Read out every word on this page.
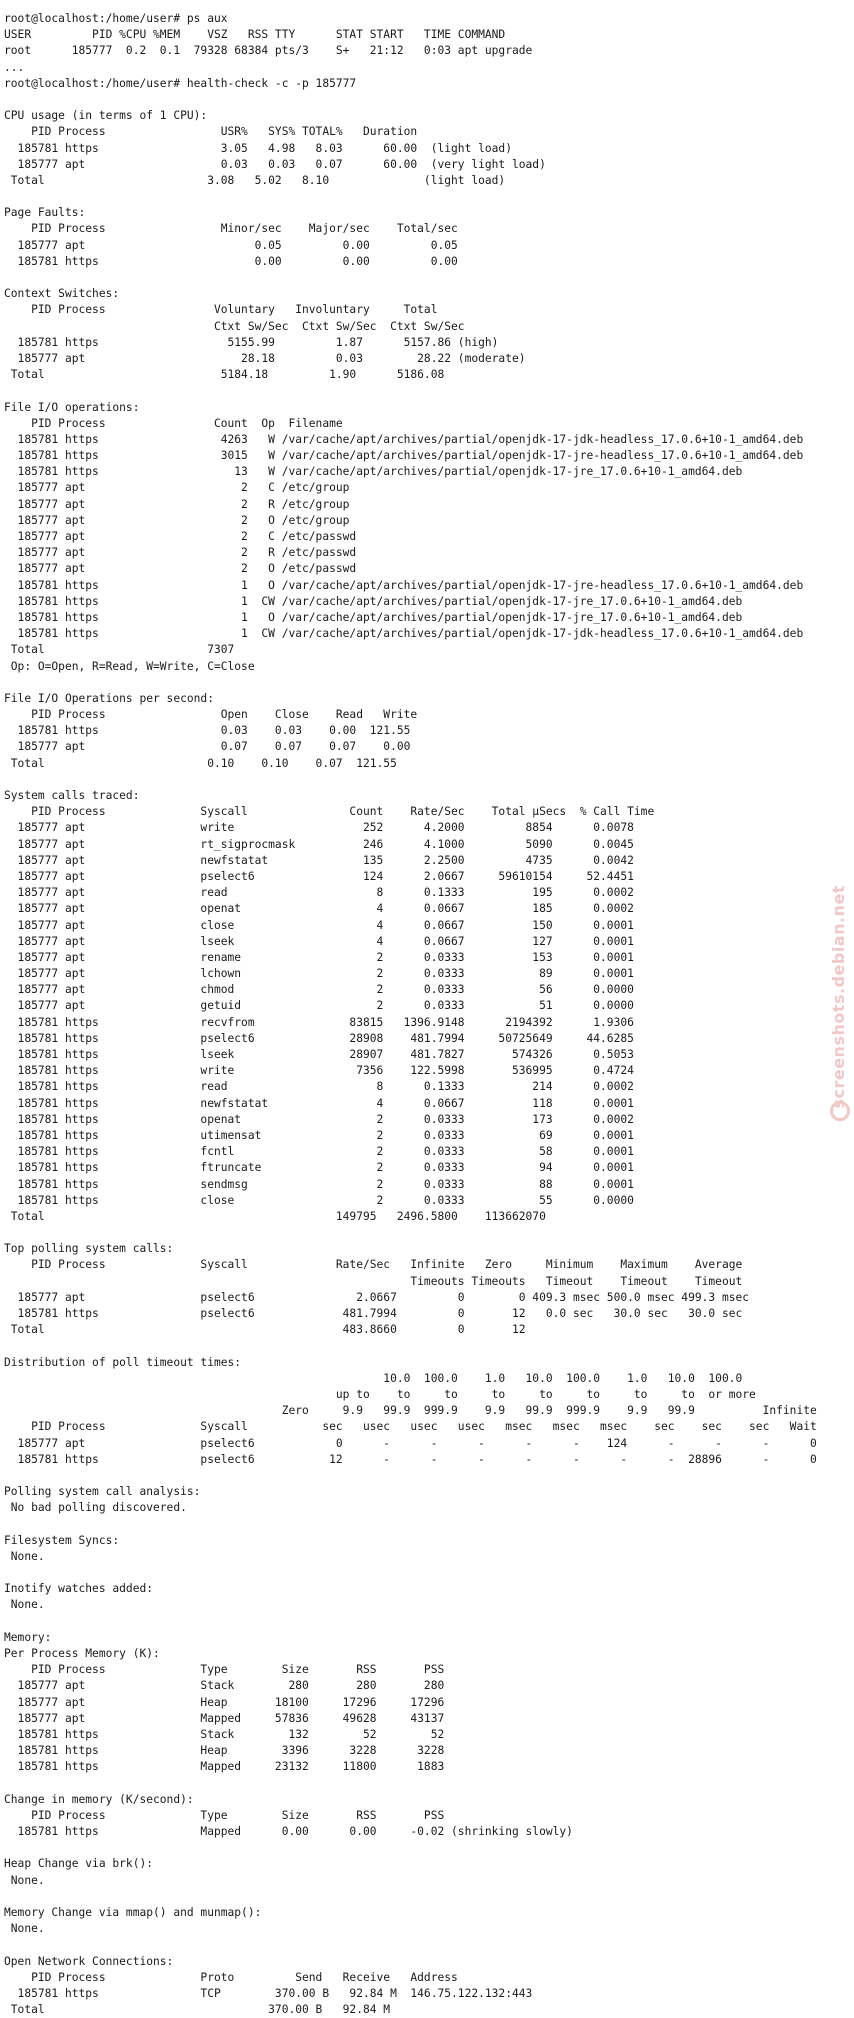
root@localhost:/home/user# ps aux
USER         PID %CPU %MEM    VSZ   RSS TTY      STAT START   TIME COMMAND
root      185777  0.2  0.1  79328 68384 pts/3    S+   21:12   0:03 apt upgrade
...
root@localhost:/home/user# health-check -c -p 185777
CPU usage (in terms of 1 CPU):
PID Process                 USR%   SYS% TOTAL%   Duration
185781 https                  3.05   4.98   8.03      60.00  (light load)
185777 apt                    0.03   0.03   0.07      60.00  (very light load)
Total                        3.08   5.02   8.10              (light load)
Page Faults:
PID Process                 Minor/sec    Major/sec    Total/sec
185777 apt                         0.05         0.00         0.05
185781 https                       0.00         0.00         0.00
Context Switches:
PID Process                Voluntary   Involuntary     Total
Ctxt Sw/Sec  Ctxt Sw/Sec  Ctxt Sw/Sec
185781 https                   5155.99         1.87      5157.86 (high)
185777 apt                       28.18         0.03        28.22 (moderate)
Total                          5184.18         1.90      5186.08
File I/O operations:
PID Process                Count  Op  Filename
185781 https                  4263   W /var/cache/apt/archives/partial/openjdk-17-jdk-headless_17.0.6+10-1_amd64.deb
185781 https                  3015   W /var/cache/apt/archives/partial/openjdk-17-jre-headless_17.0.6+10-1_amd64.deb
185781 https                    13   W /var/cache/apt/archives/partial/openjdk-17-jre_17.0.6+10-1_amd64.deb
185777 apt                       2   C /etc/group
185777 apt                       2   R /etc/group
185777 apt                       2   O /etc/group
185777 apt                       2   C /etc/passwd
185777 apt                       2   R /etc/passwd
185777 apt                       2   O /etc/passwd
185781 https                     1   O /var/cache/apt/archives/partial/openjdk-17-jre-headless_17.0.6+10-1_amd64.deb
185781 https                     1  CW /var/cache/apt/archives/partial/openjdk-17-jre_17.0.6+10-1_amd64.deb
185781 https                     1   O /var/cache/apt/archives/partial/openjdk-17-jre_17.0.6+10-1_amd64.deb
185781 https                     1  CW /var/cache/apt/archives/partial/openjdk-17-jdk-headless_17.0.6+10-1_amd64.deb
Total                        7307
Op: O=Open, R=Read, W=Write, C=Close
File I/O Operations per second:
PID Process                 Open    Close    Read   Write
185781 https                  0.03    0.03    0.00  121.55
185777 apt                    0.07    0.07    0.07    0.00
Total                        0.10    0.10    0.07  121.55
System calls traced:
PID Process              Syscall               Count    Rate/Sec    Total µSecs  % Call Time
185777 apt                 write                   252      4.2000         8854      0.0078
185777 apt                 rt_sigprocmask          246      4.1000         5090      0.0045
185777 apt                 newfstatat              135      2.2500         4735      0.0042
185777 apt                 pselect6                124      2.0667     59610154     52.4451
185777 apt                 read                      8      0.1333          195      0.0002
185777 apt                 openat                    4      0.0667          185      0.0002
185777 apt                 close                     4      0.0667          150      0.0001
185777 apt                 lseek                     4      0.0667          127      0.0001
185777 apt                 rename                    2      0.0333          153      0.0001
185777 apt                 lchown                    2      0.0333           89      0.0001
185777 apt                 chmod                     2      0.0333           56      0.0000
185777 apt                 getuid                    2      0.0333           51      0.0000
185781 https               recvfrom              83815   1396.9148      2194392      1.9306
185781 https               pselect6              28908    481.7994     50725649     44.6285
185781 https               lseek                 28907    481.7827       574326      0.5053
185781 https               write                  7356    122.5998       536995      0.4724
185781 https               read                      8      0.1333          214      0.0002
185781 https               newfstatat                4      0.0667          118      0.0001
185781 https               openat                    2      0.0333          173      0.0002
185781 https               utimensat                 2      0.0333           69      0.0001
185781 https               fcntl                     2      0.0333           58      0.0001
185781 https               ftruncate                 2      0.0333           94      0.0001
185781 https               sendmsg                   2      0.0333           88      0.0001
185781 https               close                     2      0.0333           55      0.0000
Total                                           149795   2496.5800    113662070
Top polling system calls:
PID Process              Syscall             Rate/Sec   Infinite   Zero     Minimum    Maximum    Average
Timeouts Timeouts   Timeout    Timeout    Timeout
185777 apt                 pselect6               2.0667         0        0 409.3 msec 500.0 msec 499.3 msec
185781 https               pselect6             481.7994         0       12   0.0 sec   30.0 sec   30.0 sec
Total                                            483.8660         0       12
Distribution of poll timeout times:
10.0  100.0    1.0   10.0  100.0    1.0   10.0  100.0
up to    to     to     to     to     to     to     to  or more
Zero     9.9   99.9  999.9    9.9   99.9  999.9    9.9   99.9          Infinite
PID Process              Syscall           sec   usec   usec   usec   msec   msec   msec    sec    sec    sec   Wait
185777 apt                 pselect6            0      -      -      -      -      -    124      -      -      -      0
185781 https               pselect6           12      -      -      -      -      -      -      -  28896      -      0
Polling system call analysis:
No bad polling discovered.
Filesystem Syncs:
None.
Inotify watches added:
None.
Memory:
Per Process Memory (K):
PID Process              Type        Size       RSS       PSS
185777 apt                 Stack        280       280       280
185777 apt                 Heap       18100     17296     17296
185777 apt                 Mapped     57836     49628     43137
185781 https               Stack        132        52        52
185781 https               Heap        3396      3228      3228
185781 https               Mapped     23132     11800      1883
Change in memory (K/second):
PID Process              Type        Size       RSS       PSS
185781 https               Mapped      0.00      0.00     -0.02 (shrinking slowly)
Heap Change via brk():
None.
Memory Change via mmap() and munmap():
None.
Open Network Connections:
PID Process              Proto         Send   Receive   Address
185781 https               TCP        370.00 B   92.84 M  146.75.122.132:443
Total                                 370.00 B   92.84 M
screenshots.debian.net
